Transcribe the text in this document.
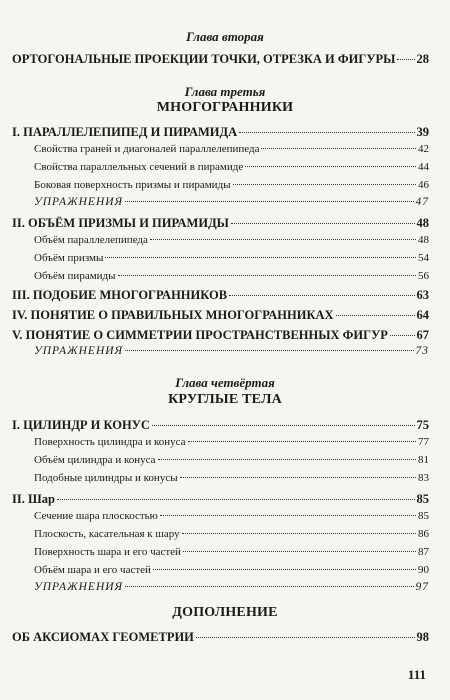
Глава вторая
ОРТОГОНАЛЬНЫЕ ПРОЕКЦИИ ТОЧКИ, ОТРЕЗКА И ФИГУРЫ 28
Глава третья
МНОГОГРАННИКИ
I. ПАРАЛЛЕЛЕПИПЕД И ПИРАМИДА	39
Свойства граней и диагоналей параллелепипеда	42
Свойства параллельных сечений в пирамиде	44
Боковая поверхность призмы и пирамиды	46
УПРАЖНЕНИЯ	47
II. ОБЪЁМ ПРИЗМЫ И ПИРАМИДЫ	48
Объём параллелепипеда	48
Объём призмы	54
Объём пирамиды	56
III. ПОДОБИЕ МНОГОГРАННИКОВ	63
IV. ПОНЯТИЕ О ПРАВИЛЬНЫХ МНОГОГРАННИКАХ	64
V. ПОНЯТИЕ О СИММЕТРИИ ПРОСТРАНСТВЕННЫХ ФИГУР 67
УПРАЖНЕНИЯ	73
Глава четвёртая
КРУГЛЫЕ ТЕЛА
I. ЦИЛИНДР И КОНУС	75
Поверхность цилиндра и конуса	77
Объём цилиндра и конуса	81
Подобные цилиндры и конусы	83
II. Шар	85
Сечение шара плоскостью	85
Плоскость, касательная к шару	86
Поверхность шара и его частей	87
Объём шара и его частей	90
УПРАЖНЕНИЯ	97
ДОПОЛНЕНИЕ
ОБ АКСИОМАХ ГЕОМЕТРИИ	98
111
